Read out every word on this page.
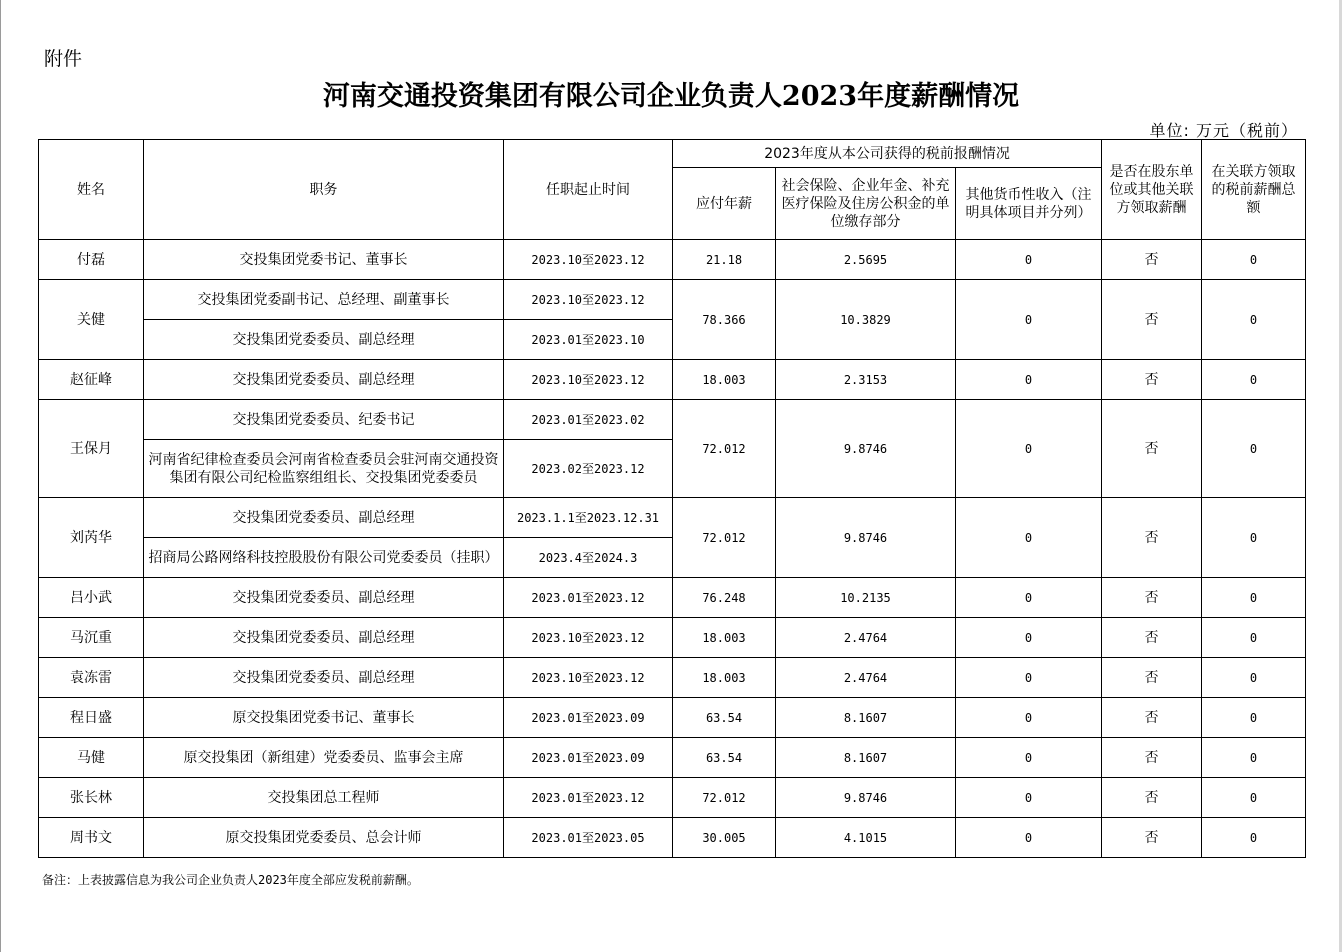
附件
河南交通投资集团有限公司企业负责人2023年度薪酬情况
单位: 万元（税前）
姓名	职务	任职起止时间	2023年度从本公司获得的税前报酬情况			是否在股东单位或其他关联方领取薪酬	在关联方领取的税前薪酬总额
			应付年薪	社会保险、企业年金、补充医疗保险及住房公积金的单位缴存部分	其他货币性收入（注明具体项目并分列）		
付磊	交投集团党委书记、董事长	2023.10至2023.12	21.18	2.5695	0	否	0
关健	交投集团党委副书记、总经理、副董事长	2023.10至2023.12	78.366	10.3829	0	否	0
	交投集团党委委员、副总经理	2023.01至2023.10					
赵征峰	交投集团党委委员、副总经理	2023.10至2023.12	18.003	2.3153	0	否	0
王保月	交投集团党委委员、纪委书记	2023.01至2023.02	72.012	9.8746	0	否	0
	河南省纪律检查委员会河南省检查委员会驻河南交通投资集团有限公司纪检监察组组长、交投集团党委委员	2023.02至2023.12					
刘芮华	交投集团党委委员、副总经理	2023.1.1至2023.12.31	72.012	9.8746	0	否	0
	招商局公路网络科技控股股份有限公司党委委员（挂职）	2023.4至2024.3					
吕小武	交投集团党委委员、副总经理	2023.01至2023.12	76.248	10.2135	0	否	0
马沉重	交投集团党委委员、副总经理	2023.10至2023.12	18.003	2.4764	0	否	0
袁冻雷	交投集团党委委员、副总经理	2023.10至2023.12	18.003	2.4764	0	否	0
程日盛	原交投集团党委书记、董事长	2023.01至2023.09	63.54	8.1607	0	否	0
马健	原交投集团（新组建）党委委员、监事会主席	2023.01至2023.09	63.54	8.1607	0	否	0
张长林	交投集团总工程师	2023.01至2023.12	72.012	9.8746	0	否	0
周书文	原交投集团党委委员、总会计师	2023.01至2023.05	30.005	4.1015	0	否	0
备注：上表披露信息为我公司企业负责人2023年度全部应发税前薪酬。
